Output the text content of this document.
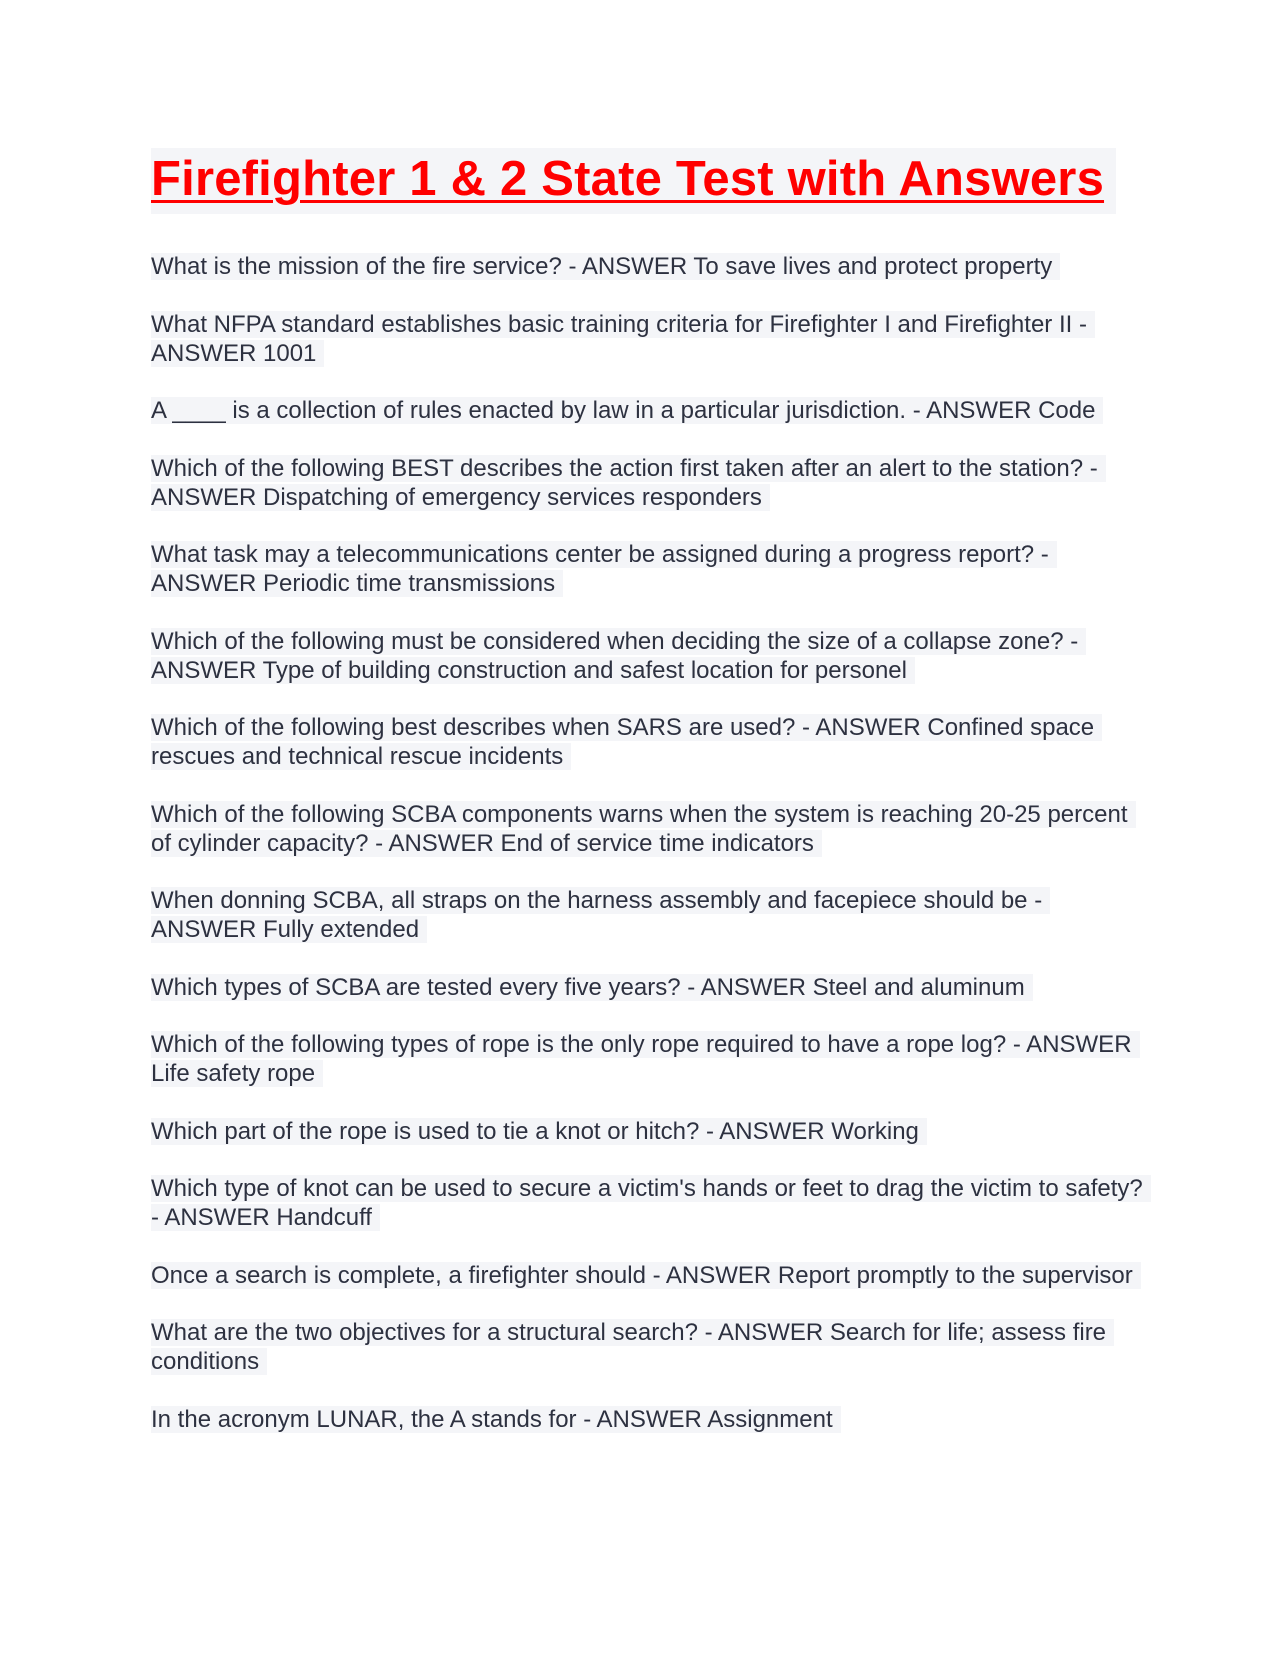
Firefighter 1 & 2 State Test with Answers
What is the mission of the fire service? - ANSWER To save lives and protect property
What NFPA standard establishes basic training criteria for Firefighter I and Firefighter II - ANSWER 1001
A ____ is a collection of rules enacted by law in a particular jurisdiction. - ANSWER Code
Which of the following BEST describes the action first taken after an alert to the station? - ANSWER Dispatching of emergency services responders
What task may a telecommunications center be assigned during a progress report? - ANSWER Periodic time transmissions
Which of the following must be considered when deciding the size of a collapse zone? - ANSWER Type of building construction and safest location for personel
Which of the following best describes when SARS are used? - ANSWER Confined space rescues and technical rescue incidents
Which of the following SCBA components warns when the system is reaching 20-25 percent of cylinder capacity? - ANSWER End of service time indicators
When donning SCBA, all straps on the harness assembly and facepiece should be - ANSWER Fully extended
Which types of SCBA are tested every five years? - ANSWER Steel and aluminum
Which of the following types of rope is the only rope required to have a rope log? - ANSWER Life safety rope
Which part of the rope is used to tie a knot or hitch? - ANSWER Working
Which type of knot can be used to secure a victim's hands or feet to drag the victim to safety? - ANSWER Handcuff
Once a search is complete, a firefighter should - ANSWER Report promptly to the supervisor
What are the two objectives for a structural search? - ANSWER Search for life; assess fire conditions
In the acronym LUNAR, the A stands for - ANSWER Assignment
